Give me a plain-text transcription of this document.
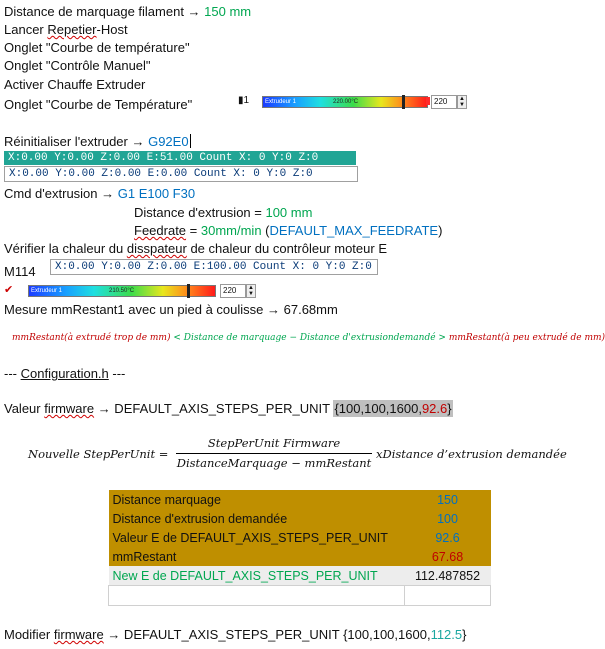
Distance de marquage filament → 150 mm
Lancer Repetier-Host
Onglet "Courbe de température"
Onglet "Contrôle Manuel"
Activer Chauffe Extruder
Onglet "Courbe de Température"	▮1	Extrudeur 1	220.00°C	220	▲
▼
Réinitialiser l'extruder → G92E0
X:0.00 Y:0.00 Z:0.00 E:51.00 Count X: 0 Y:0 Z:0
X:0.00 Y:0.00 Z:0.00 E:0.00 Count X: 0 Y:0 Z:0
Cmd d'extrusion → G1 E100 F30
Distance d'extrusion = 100 mm
Feedrate = 30mm/min (DEFAULT_MAX_FEEDRATE)
Vérifier la chaleur du disspateur de chaleur du contrôleur moteur E
M114	X:0.00 Y:0.00 Z:0.00 E:100.00 Count X: 0 Y:0 Z:0
✔	Extrudeur 1	210.50°C	220	▲
▼
Mesure mmRestant1 avec un pied à coulisse → 67.68mm
mmRestant(à extrudé trop de mm) < Distance de marquage − Distance d'extrusiondemandé > mmRestant(à peu extrudé de mm)
--- Configuration.h ---
Valeur firmware → DEFAULT_AXIS_STEPS_PER_UNIT {100,100,1600,92.6}
Nouvelle StepPerUnit =
StepPerUnit Firmware
DistanceMarquage − mmRestant
xDistance d’extrusion demandée
Distance marquage	150
Distance d'extrusion demandée	100
Valeur E de DEFAULT_AXIS_STEPS_PER_UNIT	92.6
mmRestant	67.68
New E de DEFAULT_AXIS_STEPS_PER_UNIT	112.487852

Modifier firmware → DEFAULT_AXIS_STEPS_PER_UNIT {100,100,1600,112.5}
